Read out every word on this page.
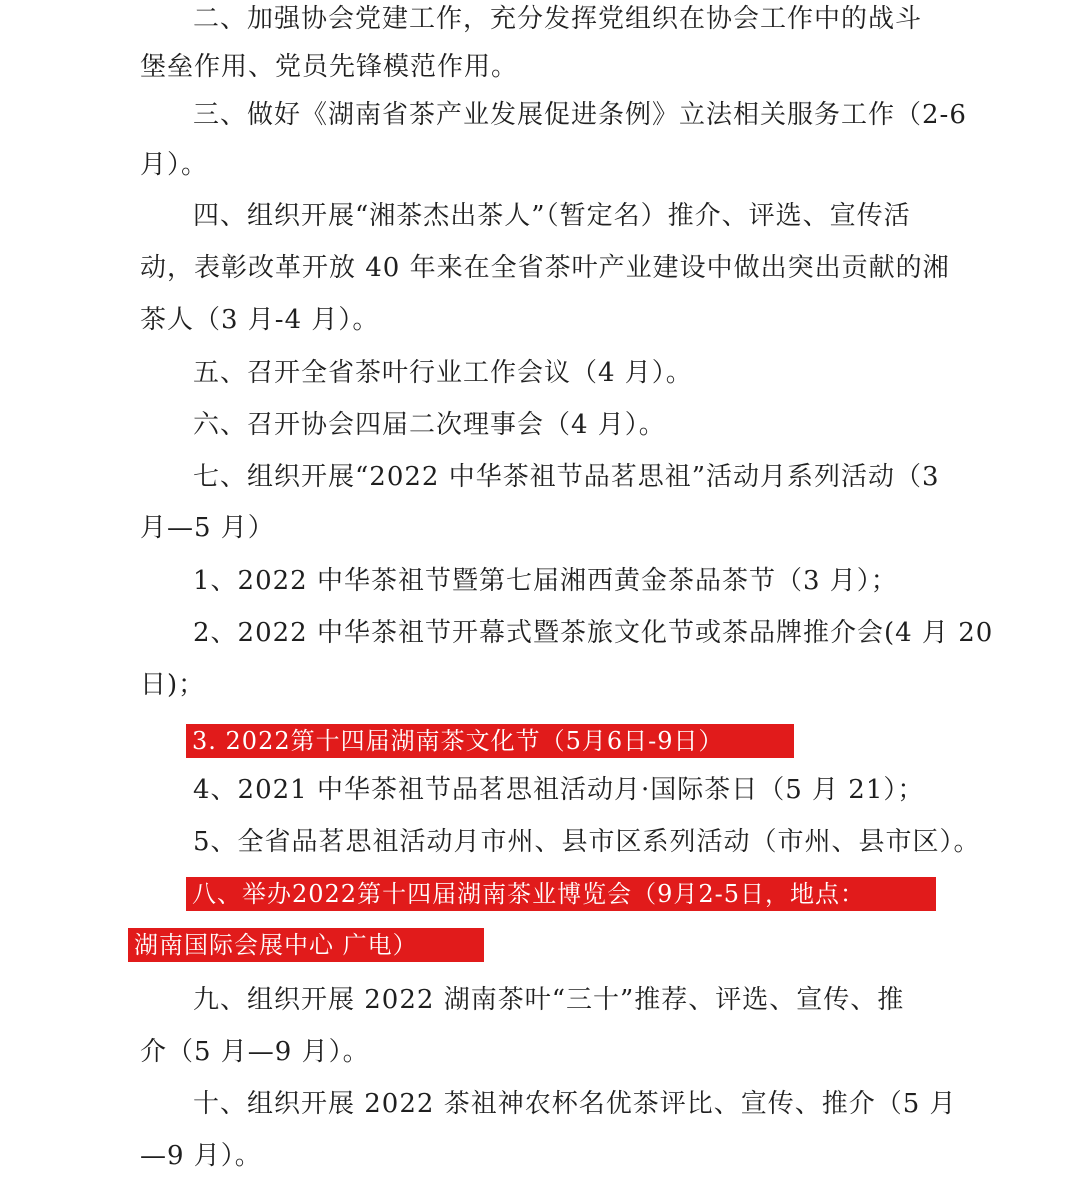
二、加强协会党建工作，充分发挥党组织在协会工作中的战斗
堡垒作用、党员先锋模范作用。
三、做好《湖南省茶产业发展促进条例》立法相关服务工作（2-6
月）。
四、组织开展“湘茶杰出茶人”（暂定名）推介、评选、宣传活
动，表彰改革开放 40 年来在全省茶叶产业建设中做出突出贡献的湘
茶人（3 月-4 月）。
五、召开全省茶叶行业工作会议（4 月）。
六、召开协会四届二次理事会（4 月）。
七、组织开展“2022 中华茶祖节品茗思祖”活动月系列活动（3
月—5 月）
1、2022 中华茶祖节暨第七届湘西黄金茶品茶节（3 月）；
2、2022 中华茶祖节开幕式暨茶旅文化节或茶品牌推介会(4 月 20
日)；
3. 2022第十四届湖南茶文化节（5月6日-9日）
4、2021 中华茶祖节品茗思祖活动月·国际茶日（5 月 21）；
5、全省品茗思祖活动月市州、县市区系列活动（市州、县市区）。
八、举办2022第十四届湖南茶业博览会（9月2-5日，地点：
湖南国际会展中心 广电）
九、组织开展 2022 湖南茶叶“三十”推荐、评选、宣传、推
介（5 月—9 月）。
十、组织开展 2022 茶祖神农杯名优茶评比、宣传、推介（5 月
—9 月）。
